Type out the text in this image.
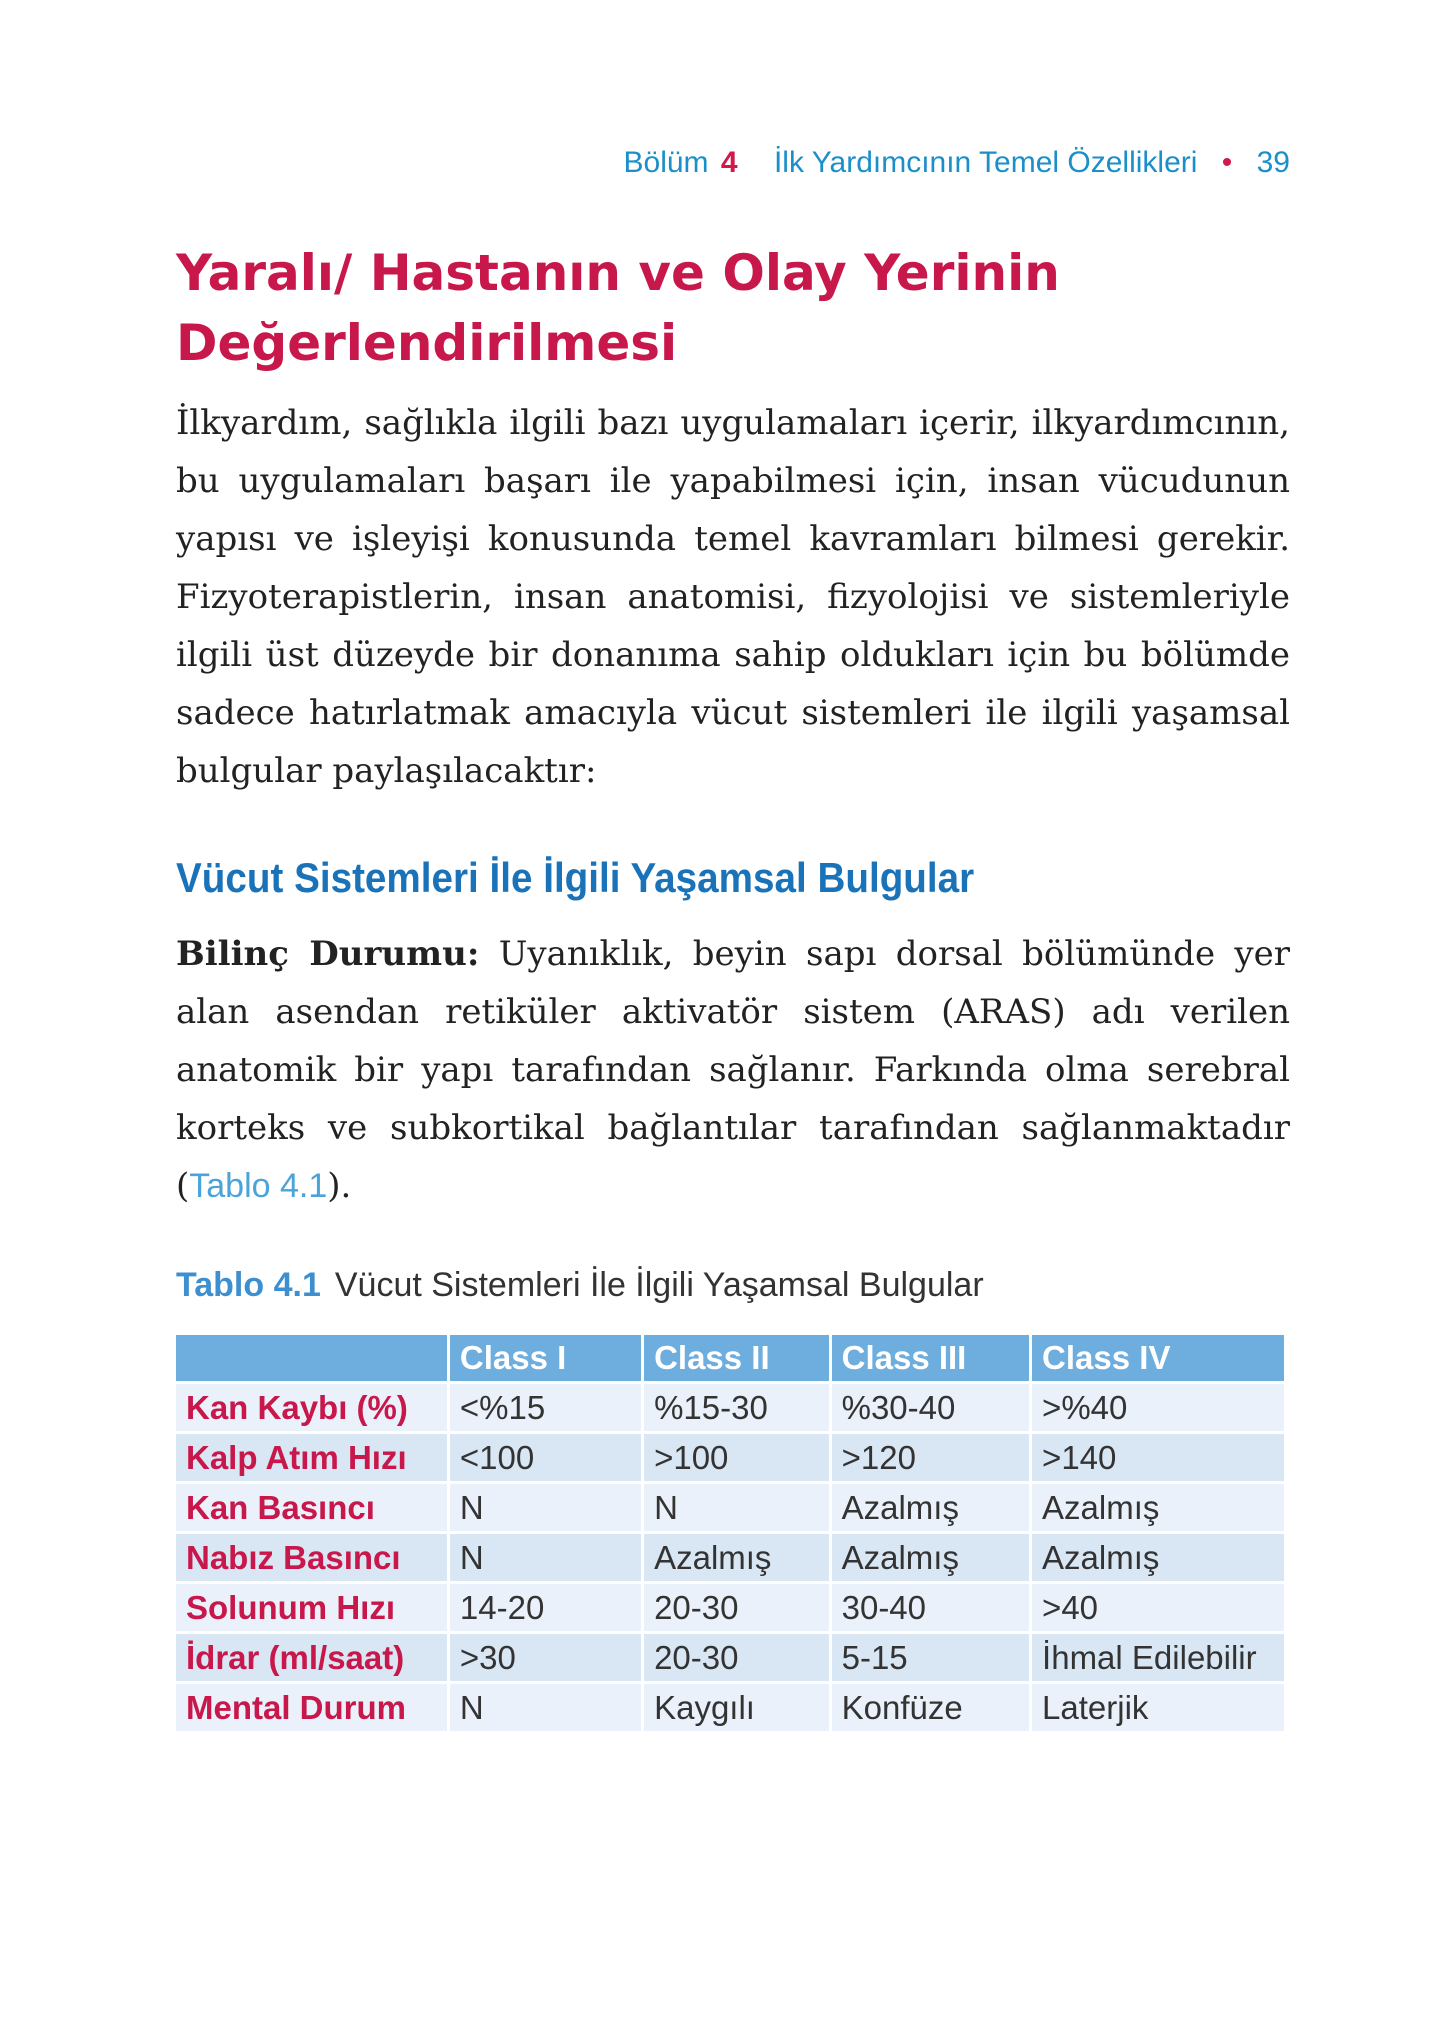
Bölüm 4 İlk Yardımcının Temel Özellikleri • 39
Yaralı/ Hastanın ve Olay Yerinin Değerlendirilmesi

İlkyardım, sağlıkla ilgili bazı uygulamaları içerir, ilkyardımcının, bu uygulamaları başarı ile yapabilmesi için, insan vücudunun yapısı ve işleyişi konusunda temel kavramları bilmesi gerekir. Fizyoterapistlerin, insan anatomisi, fizyolojisi ve sistemleriyle ilgili üst düzeyde bir donanıma sahip oldukları için bu bölümde sadece hatırlatmak amacıyla vücut sistemleri ile ilgili yaşamsal bulgular paylaşılacaktır:

Vücut Sistemleri İle İlgili Yaşamsal Bulgular

Bilinç Durumu: Uyanıklık, beyin sapı dorsal bölümünde yer alan asendan retiküler aktivatör sistem (ARAS) adı verilen anatomik bir yapı tarafından sağlanır. Farkında olma serebral korteks ve subkortikal bağlantılar tarafından sağlanmaktadır (Tablo 4.1).

Tablo 4.1 Vücut Sistemleri İle İlgili Yaşamsal Bulgular
	Class I	Class II	Class III	Class IV
Kan Kaybı (%)	<%15	%15-30	%30-40	>%40
Kalp Atım Hızı	<100	>100	>120	>140
Kan Basıncı	N	N	Azalmış	Azalmış
Nabız Basıncı	N	Azalmış	Azalmış	Azalmış
Solunum Hızı	14-20	20-30	30-40	>40
İdrar (ml/saat)	>30	20-30	5-15	İhmal Edilebilir
Mental Durum	N	Kaygılı	Konfüze	Laterjik
